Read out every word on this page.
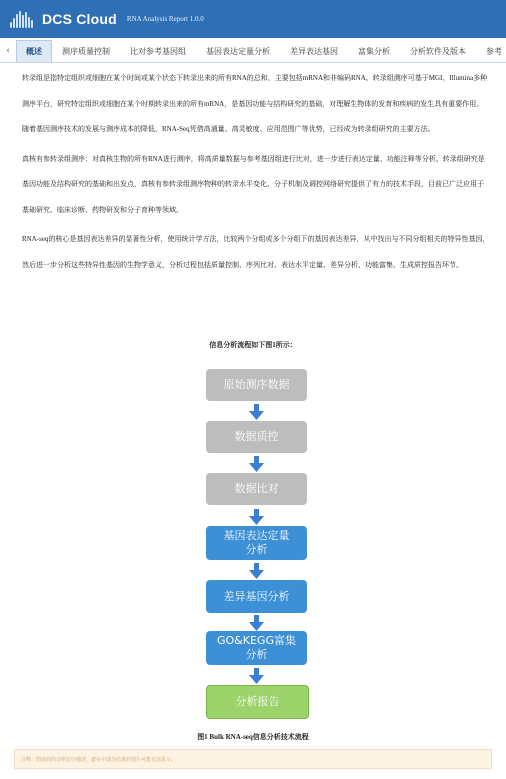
DCS Cloud RNA Analysis Report 1.0.0
‹	概述	测序质量控制	比对参考基因组	基因表达定量分析	差异表达基因	富集分析	分析软件及版本	参考

转录组是指特定组织或细胞在某个时间或某个状态下转录出来的所有RNA的总和，主要包括mRNA和非编码RNA。转录组测序可基于MGI、Illumina多种测序平台，研究特定组织或细胞在某个时期转录出来的所有mRNA，是基因功能与结构研究的基础，对理解生物体的发育和疾病的发生具有重要作用。随着基因测序技术的发展与测序成本的降低，RNA-Seq凭借高通量、高灵敏度、应用范围广等优势，已经成为转录组研究的主要方法。

真核有参转录组测序：对真核生物的所有RNA进行测序，将高质量数据与参考基因组进行比对，进一步进行表达定量、功能注释等分析。转录组研究是基因功能及结构研究的基础和出发点，真核有参转录组测序物种的转录水平变化、分子机制及调控网络研究提供了有力的技术手段，目前已广泛应用于基础研究、临床诊断、药物研发和分子育种等领域。

RNA-seq的核心是基因表达差异的显著性分析，使用统计学方法，比较两个分组或多个分组下的基因表达差异，从中找出与不同分组相关的特异性基因，然后进一步分析这些特异性基因的生物学意义，分析过程包括质量控制、序列比对、表达水平定量、差异分析、功能富集、生成质控报告环节。

信息分析流程如下图1所示：
原始测序数据
数据质控
数据比对
基因表达定量分析
差异基因分析
GO&KEGG富集分析
分析报告
图1 Bulk RNA-seq信息分析技术流程
注释：图放的的分组比中描述，就在中部分结果的图片可能无法显示。
